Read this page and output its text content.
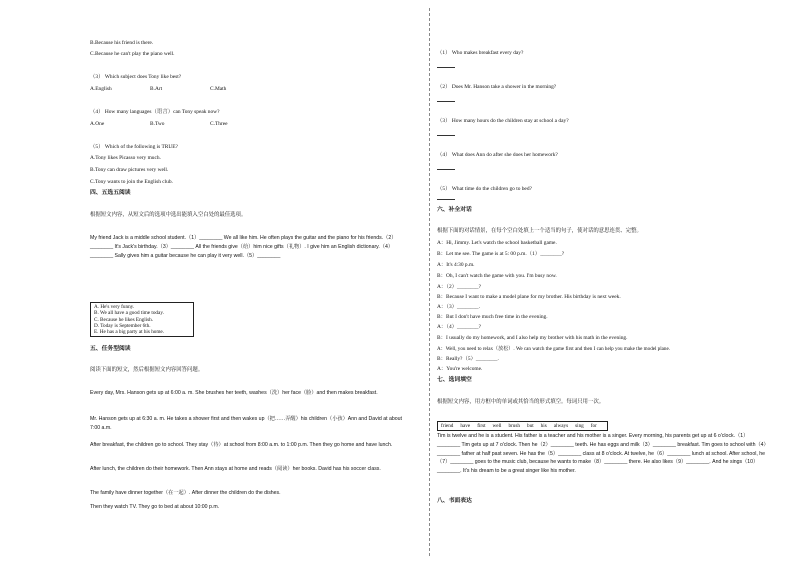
B.Because his friend is there.
C.Because he can't play the piano well.
（3） Which subject does Tony like best?
A.English	B.Art	C.Math
（4） How many languages（语言）can Tony speak now?
A.One	B.Two	C.Three
（5） Which of the following is TRUE?
A.Tony likes Picasso very much.
B.Tony can draw pictures very well.
C.Tony wants to join the English club.
四、五选五阅读
根据短文内容，从短文后的选项中选出能填入空白处的最佳选项。
My friend Jack is a middle school student.（1）________ We all like him. He often plays the guitar and the piano for his friends.（2）________ It's Jack's birthday.（3）________ All the friends give（给）him nice gifts（礼物）. I give him an English dictionary.（4）________ Sally gives him a guitar because he can play it very well.（5）________
A. He's very funny.
B. We all have a good time today.
C. Because he likes English.
D. Today is September 6th.
E. He has a big party at his home.
五、任务型阅读
阅读下面的短文，然后根据短文内容回答问题。
Every day, Mrs. Hanson gets up at 6:00 a. m. She brushes her teeth, washes（洗）her face（脸）and then makes breakfast.
Mr. Hanson gets up at 6:30 a. m. He takes a shower first and then wakes up（把……弄醒）his children（小孩）Ann and David at about 7:00 a.m.
After breakfast, the children go to school. They stay（待）at school from 8:00 a.m. to 1:00 p.m. Then they go home and have lunch.
After lunch, the children do their homework. Then Ann stays at home and reads（阅读）her books. David has his soccer class.
The family have dinner together（在一起）. After dinner the children do the dishes.
Then they watch TV. They go to bed at about 10:00 p.m.
（1） Who makes breakfast every day?
（2） Does Mr. Hanson take a shower in the morning?
（3） How many hours do the children stay at school a day?
（4） What does Ann do after she does her homework?
（5） What time do the children go to bed?
六、补全对话
根据下面的对话情景，在每个空白处填上一个适当的句子，使对话的意思连贯、完整。
A：Hi, Jimmy. Let's watch the school basketball game.
B：Let me see. The game is at 5: 00 p.m.（1）________?
A：It's 4:30 p.m.
B：Oh, I can't watch the game with you. I'm busy now.
A：（2）________?
B：Because I want to make a model plane for my brother. His birthday is next week.
A：（3）________.
B：But I don't have much free time in the evening.
A：（4）________?
B：I usually do my homework, and I also help my brother with his math in the evening.
A：Well, you need to relax（放松）. We can watch the game first and then I can help you make the model plane.
B：Really?（5）________.
A：You're welcome.
七、选词填空
根据短文内容，用方框中的单词或其恰当的形式填空。每词只用一次。
friend have first well brush but his always sing for
Tim is twelve and he is a student. His father is a teacher and his mother is a singer. Every morning, his parents get up at 6 o'clock.（1）________ Tim gets up at 7 o'clock. Then he（2）________ teeth. He has eggs and milk（3）________ breakfast. Tim goes to school with（4）________ father at half past seven. He has the（5）________ class at 8 o'clock. At twelve, he（6）________ lunch at school. After school, he（7）________ goes to the music club, because he wants to make（8）________ there. He also likes（9）________. And he sings（10）________. It's his dream to be a great singer like his mother.
八、书面表达
